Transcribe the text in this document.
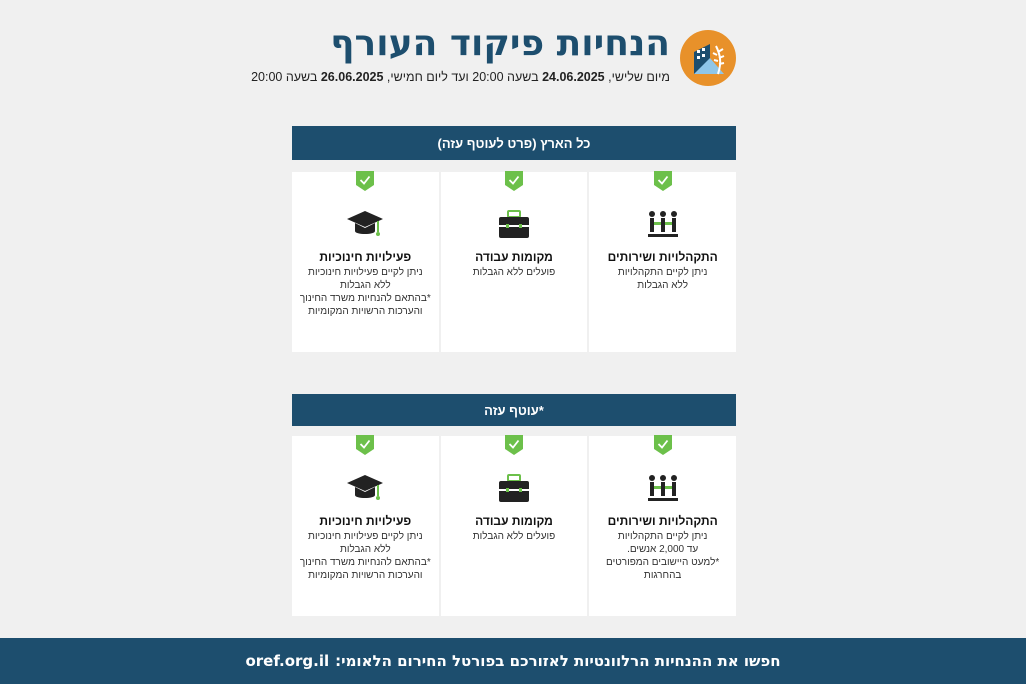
הנחיות פיקוד העורף
מיום שלישי, 24.06.2025 בשעה 20:00 ועד ליום חמישי, 26.06.2025 בשעה 20:00
כל הארץ (פרט לעוטף עזה)
התקהלויות ושירותים
ניתן לקיים התקהלויות
ללא הגבלות
מקומות עבודה
פועלים ללא הגבלות
פעילויות חינוכיות
ניתן לקיים פעילויות חינוכיות
ללא הגבלות
*בהתאם להנחיות משרד החינוך
והערכות הרשויות המקומיות
*עוטף עזה
התקהלויות ושירותים
ניתן לקיים התקהלויות
עד 2,000 אנשים.
*למעט היישובים המפורטים
בהחרגות
מקומות עבודה
פועלים ללא הגבלות
פעילויות חינוכיות
ניתן לקיים פעילויות חינוכיות
ללא הגבלות
*בהתאם להנחיות משרד החינוך
והערכות הרשויות המקומיות
חפשו את ההנחיות הרלוונטיות לאזורכם בפורטל החירום הלאומי:
oref.org.il
